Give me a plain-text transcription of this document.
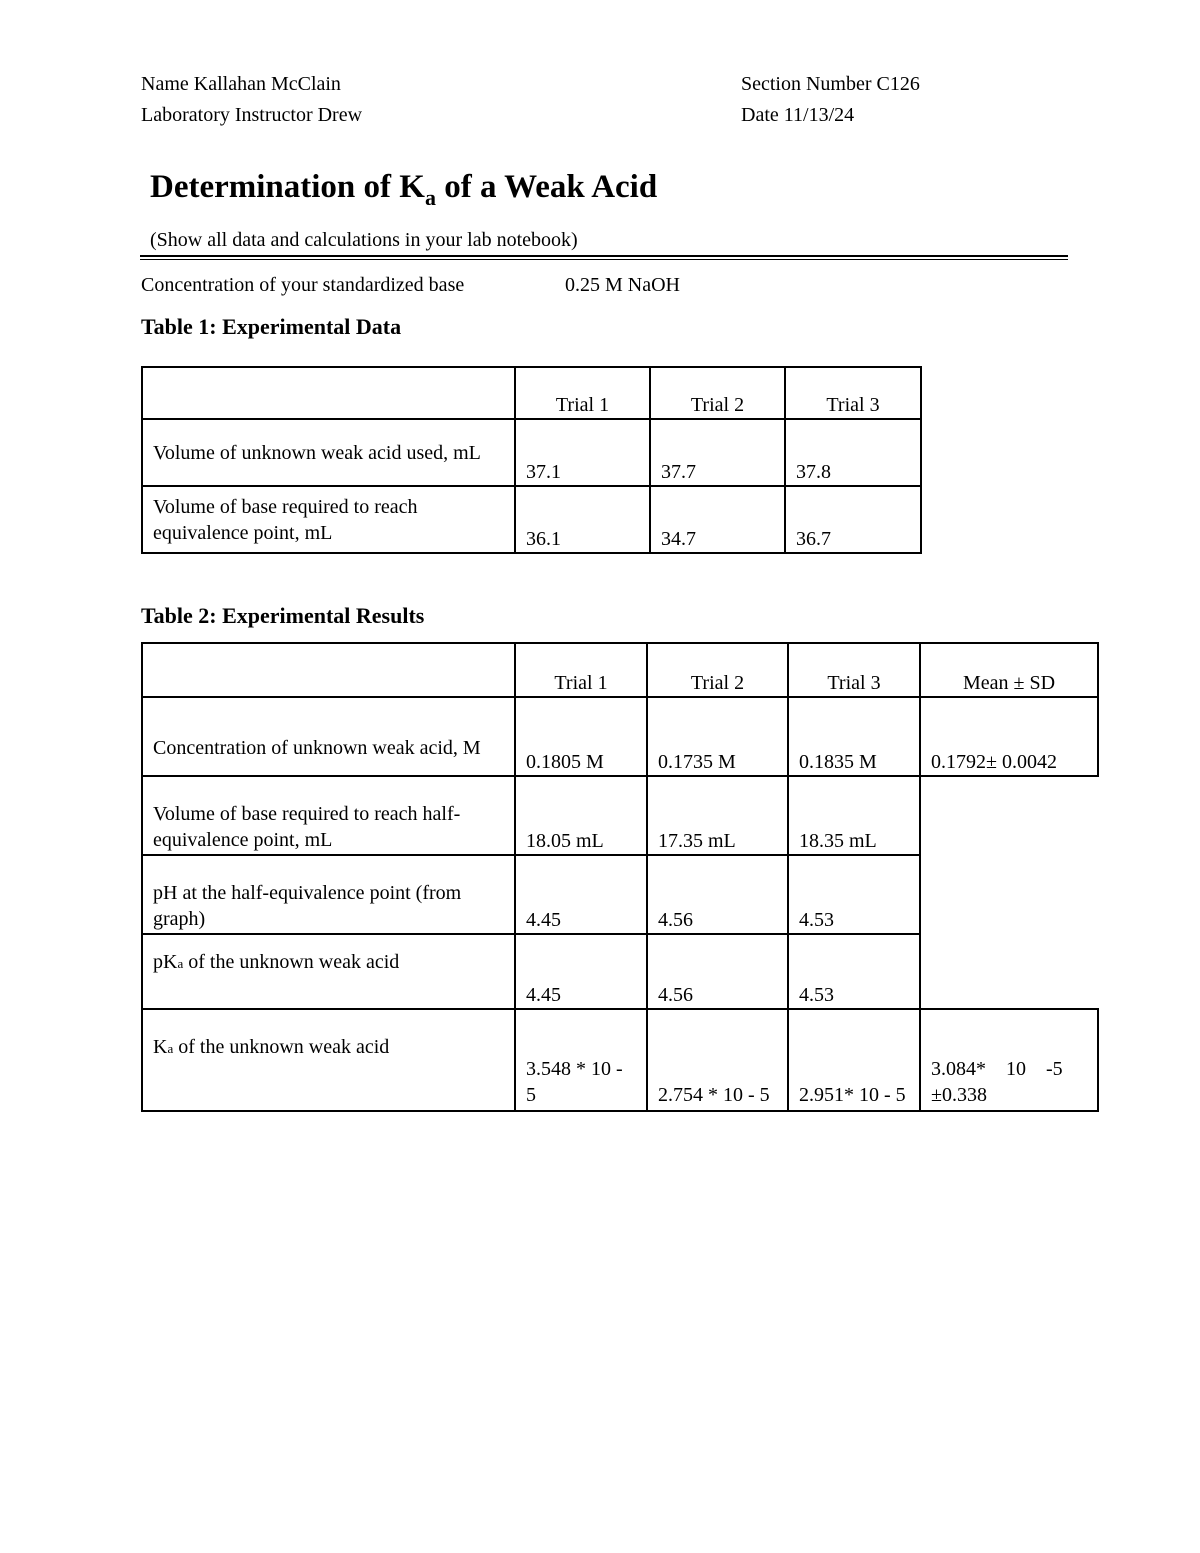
Name Kallahan McClain
Laboratory Instructor Drew
Section Number C126
Date 11/13/24
Determination of $K_a$ of a Weak Acid
(Show all data and calculations in your lab notebook)
Concentration of your standardized base	0.25 M NaOH
Table 1: Experimental Data
	Trial 1	Trial 2	Trial 3
Volume of unknown weak acid used, mL	37.1	37.7	37.8
Volume of base required to reach equivalence point, mL	36.1	34.7	36.7
Table 2: Experimental Results
	Trial 1	Trial 2	Trial 3	Mean ± SD
Concentration of unknown weak acid, M	0.1805 M	0.1735 M	0.1835 M	0.1792± 0.0042
Volume of base required to reach half-equivalence point, mL	18.05 mL	17.35 mL	18.35 mL	
pH at the half-equivalence point (from graph)	4.45	4.56	4.53	
pKa of the unknown weak acid	4.45	4.56	4.53	
Ka of the unknown weak acid	3.548 * 10 - 5	2.754 * 10 - 5	2.951* 10 - 5	3.084*    10    -5 ±0.338
